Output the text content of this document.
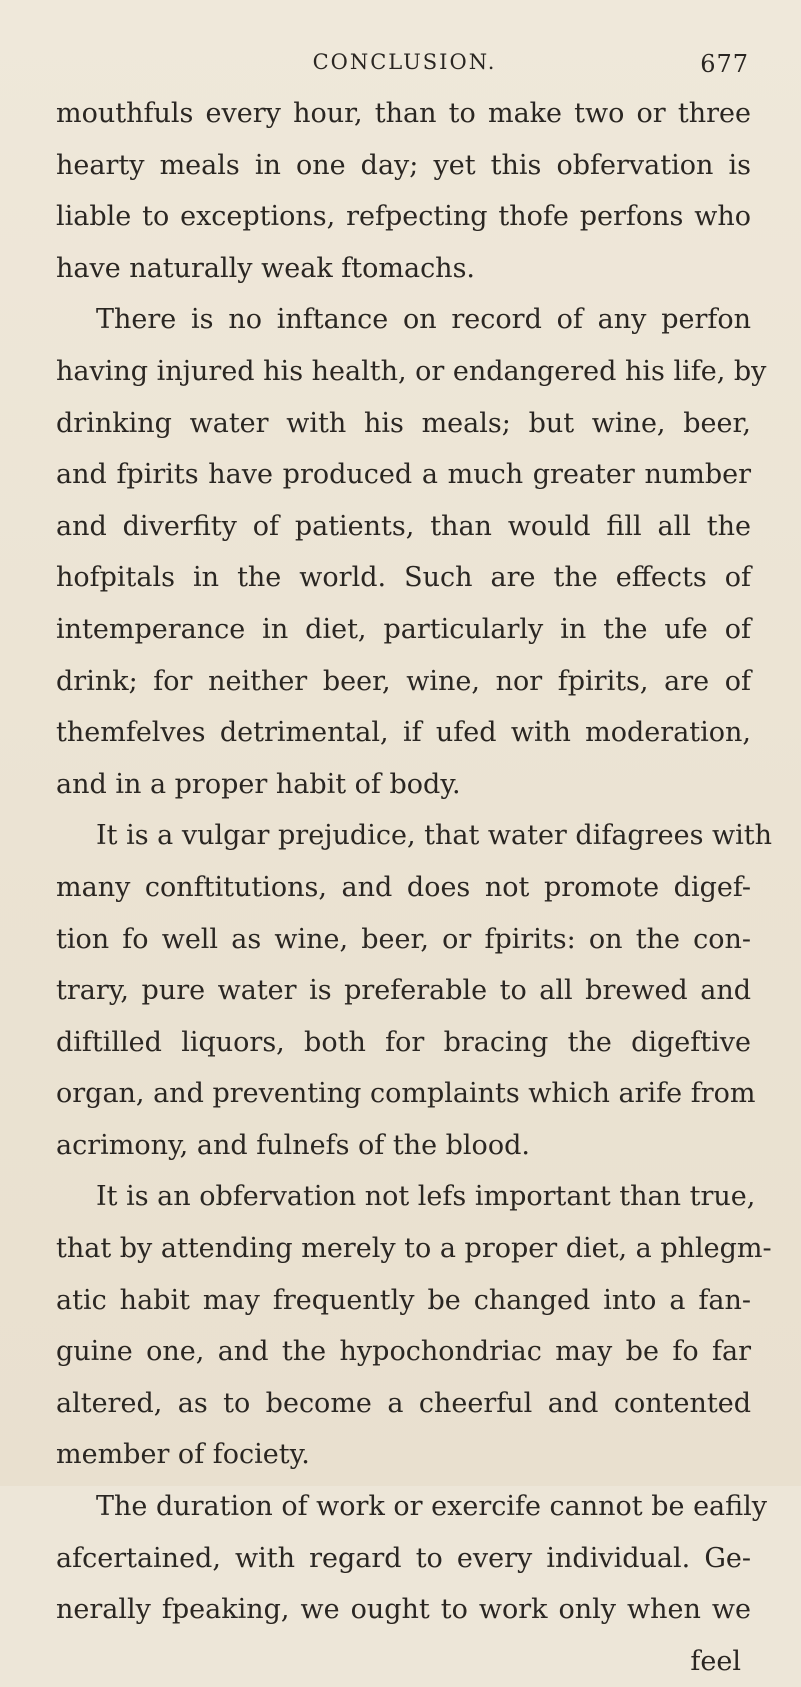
CONCLUSION.	677
mouthfuls every hour, than to make two or three
hearty meals in one day; yet this obfervation is
liable to exceptions, refpecting thofe perfons who
have naturally weak ftomachs.
There is no inftance on record of any perfon
having injured his health, or endangered his life, by
drinking water with his meals; but wine, beer,
and fpirits have produced a much greater number
and diverfity of patients, than would fill all the
hofpitals in the world. Such are the effects of
intemperance in diet, particularly in the ufe of
drink; for neither beer, wine, nor fpirits, are of
themfelves detrimental, if ufed with moderation,
and in a proper habit of body.
It is a vulgar prejudice, that water difagrees with
many conftitutions, and does not promote digef-
tion fo well as wine, beer, or fpirits: on the con-
trary, pure water is preferable to all brewed and
diftilled liquors, both for bracing the digeftive
organ, and preventing complaints which arife from
acrimony, and fulnefs of the blood.
It is an obfervation not lefs important than true,
that by attending merely to a proper diet, a phlegm-
atic habit may frequently be changed into a fan-
guine one, and the hypochondriac may be fo far
altered, as to become a cheerful and contented
member of fociety.
The duration of work or exercife cannot be eafily
afcertained, with regard to every individual. Ge-
nerally fpeaking, we ought to work only when we
feel
